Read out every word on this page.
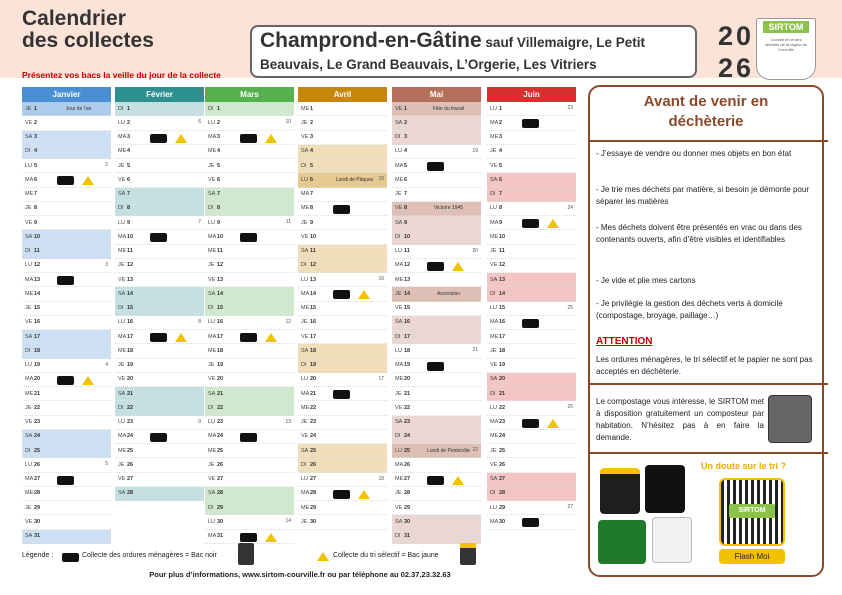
Calendrier
des collectes
Présentez vos bacs la veille du jour de la collecte
Champrond-en-Gâtine sauf Villemaigre, Le Petit Beauvais, Le Grand Beauvais, L’Orgerie, Les Vitriers
20
26
SIRTOM
Conseil en tri des déchets de la région de Courville
Janvier
JE 1	Jour de l’an
VE 2
SA 3
DI 4
LU 5	2
MA 6
ME 7
JE 8
VE 9
SA 10
DI 11
LU 12	3
MA 13
ME 14
JE 15
VE 16
SA 17
DI 18
LU 19	4
MA 20
ME 21
JE 22
VE 23
SA 24
DI 25
LU 26	5
MA 27
ME 28
JE 29
VE 30
SA 31
Février
DI 1
LU 2	6
MA 3
ME 4
JE 5
VE 6
SA 7
DI 8
LU 9	7
MA 10
ME 11
JE 12
VE 13
SA 14
DI 15
LU 16	8
MA 17
ME 18
JE 19
VE 20
SA 21
DI 22
LU 23	9
MA 24
ME 25
JE 26
VE 27
SA 28
Mars
DI 1
LU 2	10
MA 3
ME 4
JE 5
VE 6
SA 7
DI 8
LU 9	11
MA 10
ME 11
JE 12
VE 13
SA 14
DI 15
LU 16	12
MA 17
ME 18
JE 19
VE 20
SA 21
DI 22
LU 23	13
MA 24
ME 25
JE 26
VE 27
SA 28
DI 29
LU 30	14
MA 31
Avril
ME 1
JE 2
VE 3
SA 4
DI 5
LU 6	Lundi de Pâques	15
MA 7
ME 8
JE 9
VE 10
SA 11
DI 12
LU 13	16
MA 14
ME 15
JE 16
VE 17
SA 18
DI 19
LU 20	17
MA 21
ME 22
JE 23
VE 24
SA 25
DI 26
LU 27	18
MA 28
ME 29
JE 30
Mai
VE 1	Fête du travail
SA 2
DI 3
LU 4	19
MA 5
ME 6
JE 7
VE 8	Victoire 1945
SA 9
DI 10
LU 11	20
MA 12
ME 13
JE 14	Ascension
VE 15
SA 16
DI 17
LU 18	21
MA 19
ME 20
JE 21
VE 22
SA 23
DI 24
LU 25	Lundi de Pentecôte 22
MA 26
ME 27
JE 28
VE 29
SA 30
DI 31
Juin
LU 1	23
MA 2
ME 3
JE 4
VE 5
SA 6
DI 7
LU 8	24
MA 9
ME 10
JE 11
VE 12
SA 13
DI 14
LU 15	25
MA 16
ME 17
JE 18
VE 19
SA 20
DI 21
LU 22	26
MA 23
ME 24
JE 25
VE 26
SA 27
DI 28
LU 29	27
MA 30
Avant de venir en déchèterie
- J’essaye de vendre ou donner mes objets en bon état
- Je trie mes déchets par matière, si besoin je démonte pour séparer les matières
- Mes déchets doivent être présentés en vrac ou dans des contenants ouverts, afin d’être visibles et identifiables
- Je vide et plie mes cartons
- Je privilégie la gestion des déchets verts à domicile (compostage, broyage, paillage…)
ATTENTION
Les ordures ménagères, le tri sélectif et le papier ne sont pas acceptés en déchèterie.
Le compostage vous intéresse, le SIRTOM met à disposition gratuitement un composteur par habitation. N’hésitez pas à en faire la demande.
Un doute sur le tri ?
SIRTOM
Flash Moi
Légende :	Collecte des ordures ménagères = Bac noir	Collecte du tri sélectif = Bac jaune
Pour plus d’informations, www.sirtom-courville.fr ou par téléphone au 02.37.23.32.63
